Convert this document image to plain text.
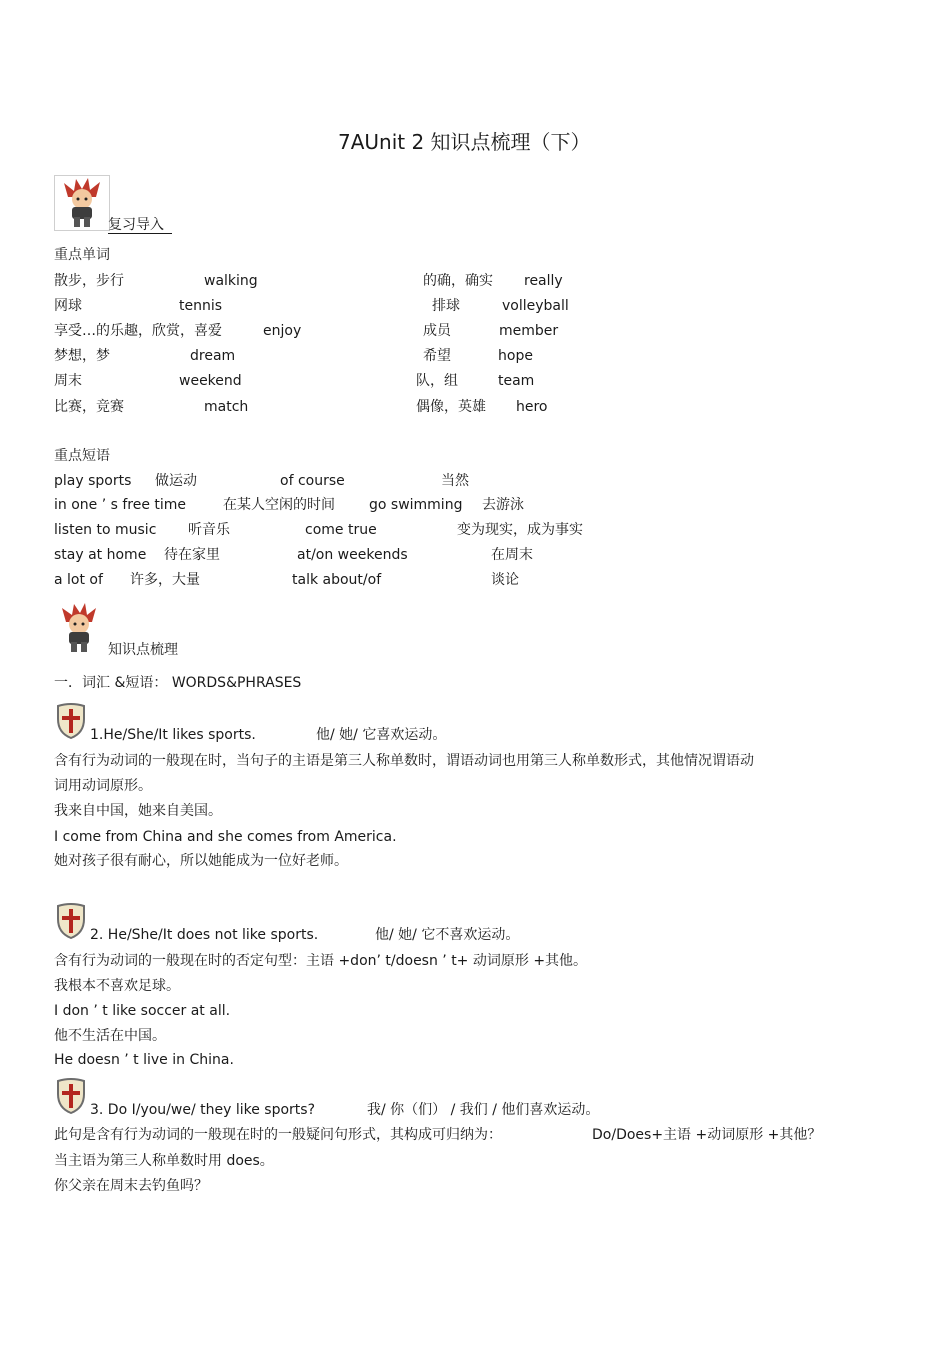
7AUnit 2 知识点梳理（下）
复习导入
重点单词
散步，步行	walking	的确，确实 really
网球	tennis	排球	volleyball
享受…的乐趣，欣赏，喜爱	enjoy	成员	member
梦想，梦	dream	希望	hope
周末	weekend	队，组	team
比赛，竞赛	match	偶像，英雄 hero
重点短语
play sports 做运动	of course	当然
in one ’ s free time	在某人空闲的时间 go swimming 去游泳
listen to music 听音乐	come true	变为现实，成为事实
stay at home 待在家里	at/on weekends	在周末
a lot of 许多，大量	talk about/of	谈论
知识点梳理
一．词汇 &短语： WORDS&PHRASES
1.He/She/It likes sports.	他/ 她/ 它喜欢运动。
含有行为动词的一般现在时，当句子的主语是第三人称单数时，谓语动词也用第三人称单数形式，其他情况谓语动
词用动词原形。
我来自中国，她来自美国。
I come from China and she comes from America.
她对孩子很有耐心，所以她能成为一位好老师。
2. He/She/It does not like sports.	他/ 她/ 它不喜欢运动。
含有行为动词的一般现在时的否定句型：主语 +don’ t/doesn ’ t+ 动词原形 +其他。
我根本不喜欢足球。
I don ’ t like soccer at all.
他不生活在中国。
He doesn ’ t live in China.
3. Do I/you/we/ they like sports?	我/ 你（们） / 我们 / 他们喜欢运动。
此句是含有行为动词的一般现在时的一般疑问句形式，其构成可归纳为：	Do/Does+主语 +动词原形 +其他？
当主语为第三人称单数时用 does。
你父亲在周末去钓鱼吗？
